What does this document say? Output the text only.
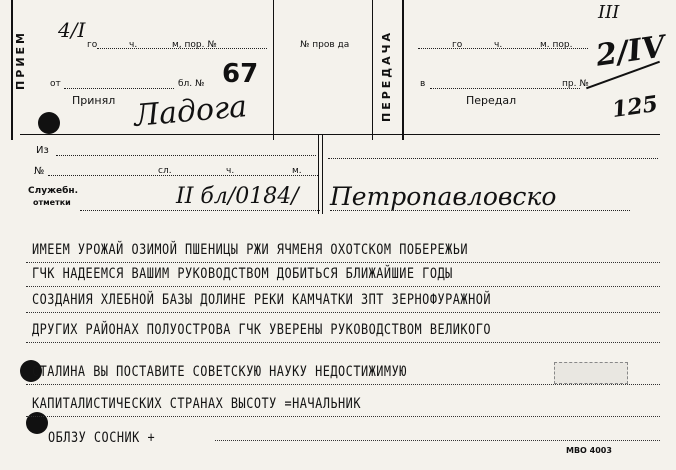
ПРИЕМ 4/I
го	ч.	м, пор. №
от	бл. № 67
Принял Ладога
№ пров да	ПЕРЕДАЧА	го	ч.	м. пор.
в	пр. №
Передал
III
2/IV
125
Из
№	сл.	ч.	м.
Служебн.
отметки	II бл/0184/ Петропавловско
ИМЕЕМ УРОЖАЙ ОЗИМОЙ ПШЕНИЦЫ РЖИ ЯЧМЕНЯ ОХОТСКОМ ПОБЕРЕЖЬИ
ГЧК НАДЕЕМСЯ ВАШИМ РУКОВОДСТВОМ ДОБИТЬСЯ БЛИЖАЙШИЕ ГОДЫ
СОЗДАНИЯ ХЛЕБНОЙ БАЗЫ ДОЛИНЕ РЕКИ КАМЧАТКИ ЗПТ ЗЕРНОФУРАЖНОЙ
ДРУГИХ РАЙОНАХ ПОЛУОСТРОВА ГЧК УВЕРЕНЫ РУКОВОДСТВОМ ВЕЛИКОГО
СТАЛИНА ВЫ ПОСТАВИТЕ СОВЕТСКУЮ НАУКУ НЕДОСТИЖИМУЮ
КАПИТАЛИСТИЧЕСКИХ СТРАНАХ ВЫСОТУ =НАЧАЛЬНИК
ОБЛЗУ СОСНИК +
МВО 4003
